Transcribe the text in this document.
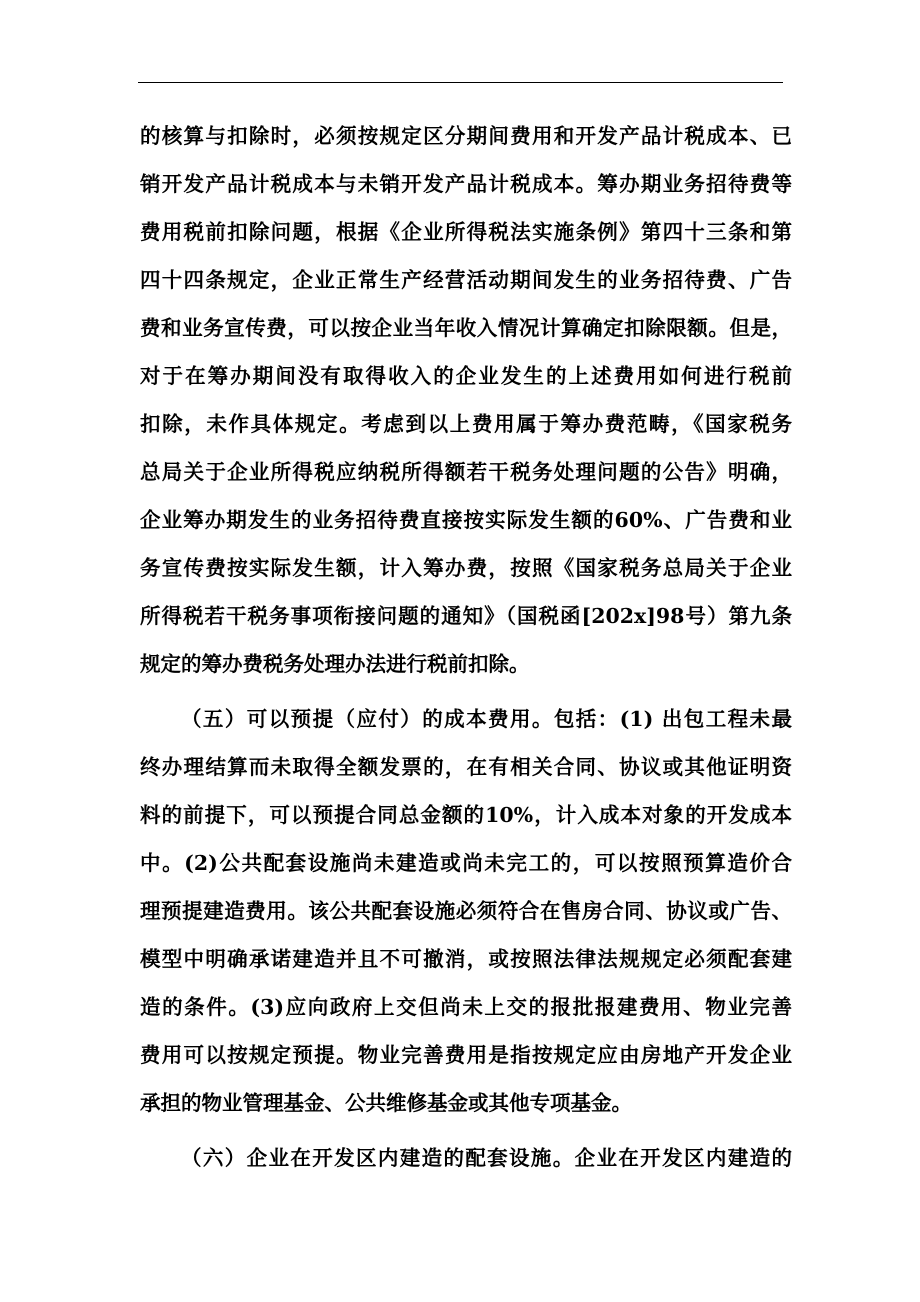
的核算与扣除时，必须按规定区分期间费用和开发产品计税成本、已
销开发产品计税成本与未销开发产品计税成本。筹办期业务招待费等
费用税前扣除问题，根据《企业所得税法实施条例》第四十三条和第
四十四条规定，企业正常生产经营活动期间发生的业务招待费、广告
费和业务宣传费，可以按企业当年收入情况计算确定扣除限额。但是，
对于在筹办期间没有取得收入的企业发生的上述费用如何进行税前
扣除，未作具体规定。考虑到以上费用属于筹办费范畴，《国家税务
总局关于企业所得税应纳税所得额若干税务处理问题的公告》明确，
企业筹办期发生的业务招待费直接按实际发生额的60%、广告费和业
务宣传费按实际发生额，计入筹办费，按照《国家税务总局关于企业
所得税若干税务事项衔接问题的通知》（国税函[202x]98号）第九条
规定的筹办费税务处理办法进行税前扣除。
（五）可以预提（应付）的成本费用。包括：(1) 出包工程未最
终办理结算而未取得全额发票的，在有相关合同、协议或其他证明资
料的前提下，可以预提合同总金额的10%，计入成本对象的开发成本
中。(2)公共配套设施尚未建造或尚未完工的，可以按照预算造价合
理预提建造费用。该公共配套设施必须符合在售房合同、协议或广告、
模型中明确承诺建造并且不可撤消，或按照法律法规规定必须配套建
造的条件。(3)应向政府上交但尚未上交的报批报建费用、物业完善
费用可以按规定预提。物业完善费用是指按规定应由房地产开发企业
承担的物业管理基金、公共维修基金或其他专项基金。
（六）企业在开发区内建造的配套设施。企业在开发区内建造的
